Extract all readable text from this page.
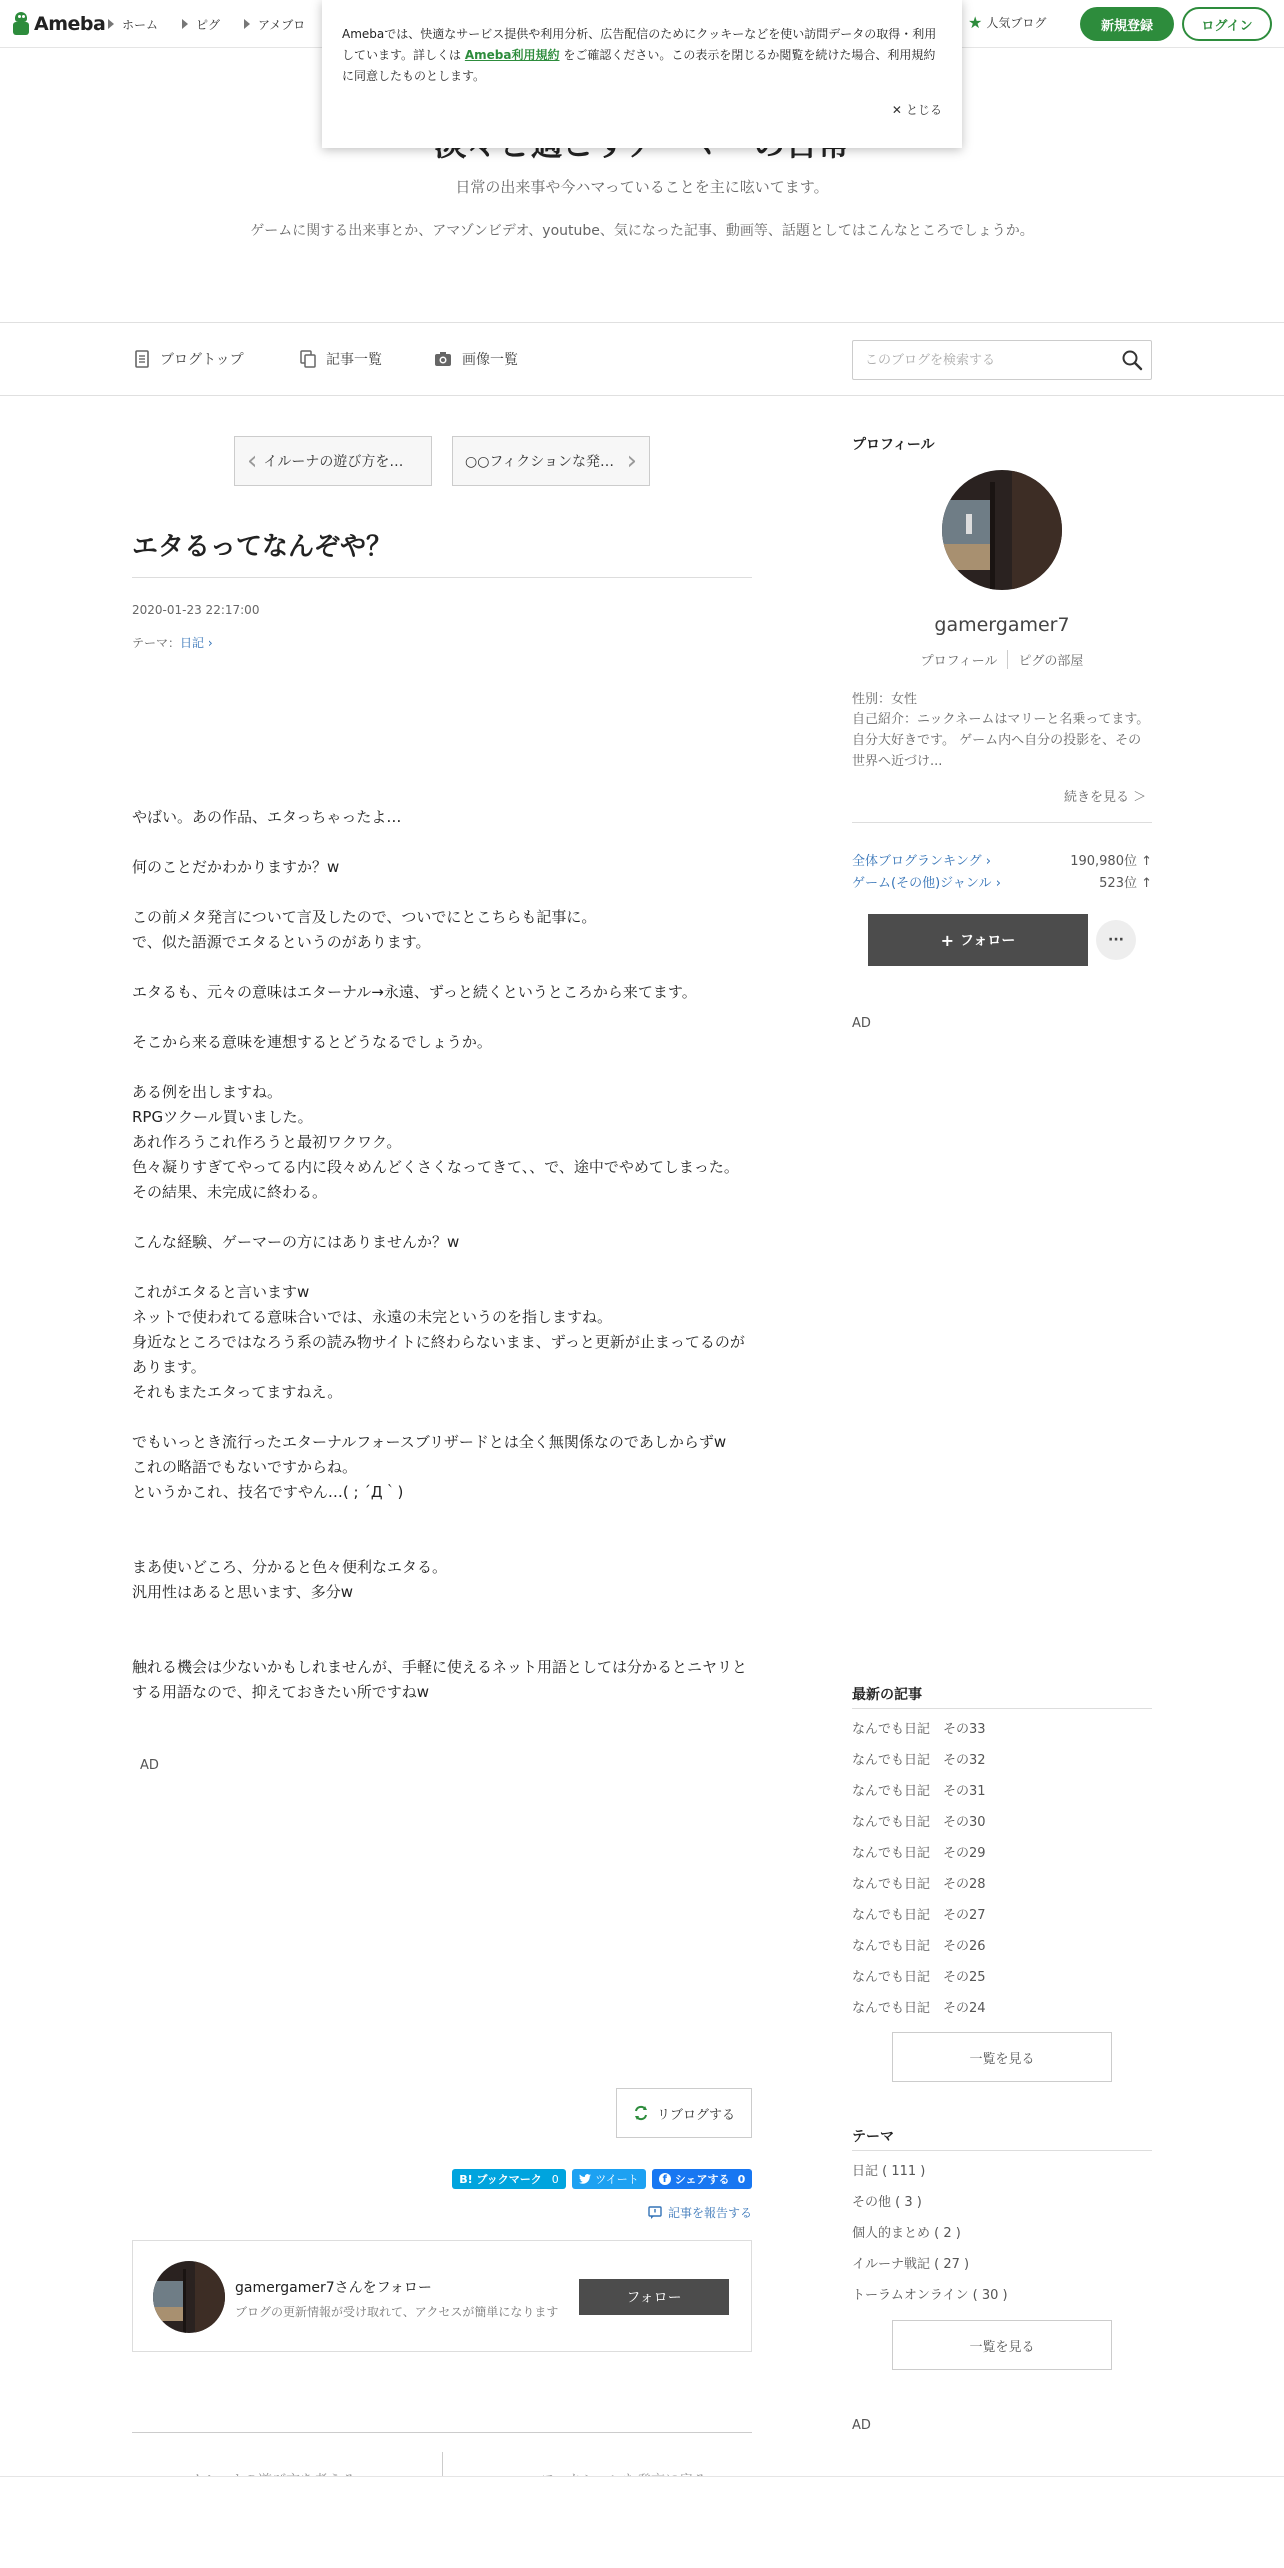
Ameba	ホーム	ピグ	アメブロ	★ 人気ブログ	新規登録	ログイン
日常の出来事や今ハマっていることを主に呟いてます。
ゲームに関する出来事とか、アマゾンビデオ、youtube、気になった記事、動画等、話題としてはこんなところでしょうか。
Amebaでは、快適なサービス提供や利用分析、広告配信のためにクッキーなどを使い訪問データの取得・利用しています。詳しくは Ameba利用規約 をご確認ください。この表示を閉じるか閲覧を続けた場合、利用規約に同意したものとします。
✕ とじる
ブログトップ	記事一覧	画像一覧
このブログを検索する
‹ イルーナの遊び方を…	○○フィクションな発… ›
エタるってなんぞや？
2020-01-23 22:17:00
テーマ：日記 ›

やばい。あの作品、エタっちゃったよ…

何のことだかわかりますか？w

この前メタ発言について言及したので、ついでにとこちらも記事に。

で、似た語源でエタるというのがあります。

エタるも、元々の意味はエターナル→永遠、ずっと続くというところから来てます。

そこから来る意味を連想するとどうなるでしょうか。

ある例を出しますね。

RPGツクール買いました。

あれ作ろうこれ作ろうと最初ワクワク。

色々凝りすぎてやってる内に段々めんどくさくなってきて、、で、途中でやめてしまった。

その結果、未完成に終わる。

こんな経験、ゲーマーの方にはありませんか？w

これがエタると言いますw

ネットで使われてる意味合いでは、永遠の未完というのを指しますね。

身近なところではなろう系の読み物サイトに終わらないまま、ずっと更新が止まってるのがあります。

それもまたエタってますねえ。

でもいっとき流行ったエターナルフォースブリザードとは全く無関係なのであしからずw

これの略語でもないですからね。

というかこれ、技名ですやん…( ; ´Д｀)

まあ使いどころ、分かると色々便利なエタる。

汎用性はあると思います、多分w

触れる機会は少ないかもしれませんが、手軽に使えるネット用語としては分かるとニヤリとする用語なので、抑えておきたい所ですねw

AD
リブログする
B! ブックマーク 0	ツイート	f シェアする 0
記事を報告する
gamergamer7さんをフォロー
ブログの更新情報が受け取れて、アクセスが簡単になります
フォロー
プロフィール
gamergamer7
プロフィール	ピグの部屋
性別：女性
自己紹介：ニックネームはマリーと名乗ってます。 自分大好きです。 ゲーム内へ自分の投影を、その世界へ近づけ...
続きを見る ＞
全体ブログランキング ›	190,980位 ↑
ゲーム(その他)ジャンル ›	523位 ↑
+ フォロー	···
AD
最新の記事
なんでも日記　その33
なんでも日記　その32
なんでも日記　その31
なんでも日記　その30
なんでも日記　その29
なんでも日記　その28
なんでも日記　その27
なんでも日記　その26
なんでも日記　その25
なんでも日記　その24
一覧を見る
テーマ
日記 ( 111 )
その他 ( 3 )
個人的まとめ ( 2 )
イルーナ戦記 ( 27 )
トーラムオンライン ( 30 )
一覧を見る
AD
